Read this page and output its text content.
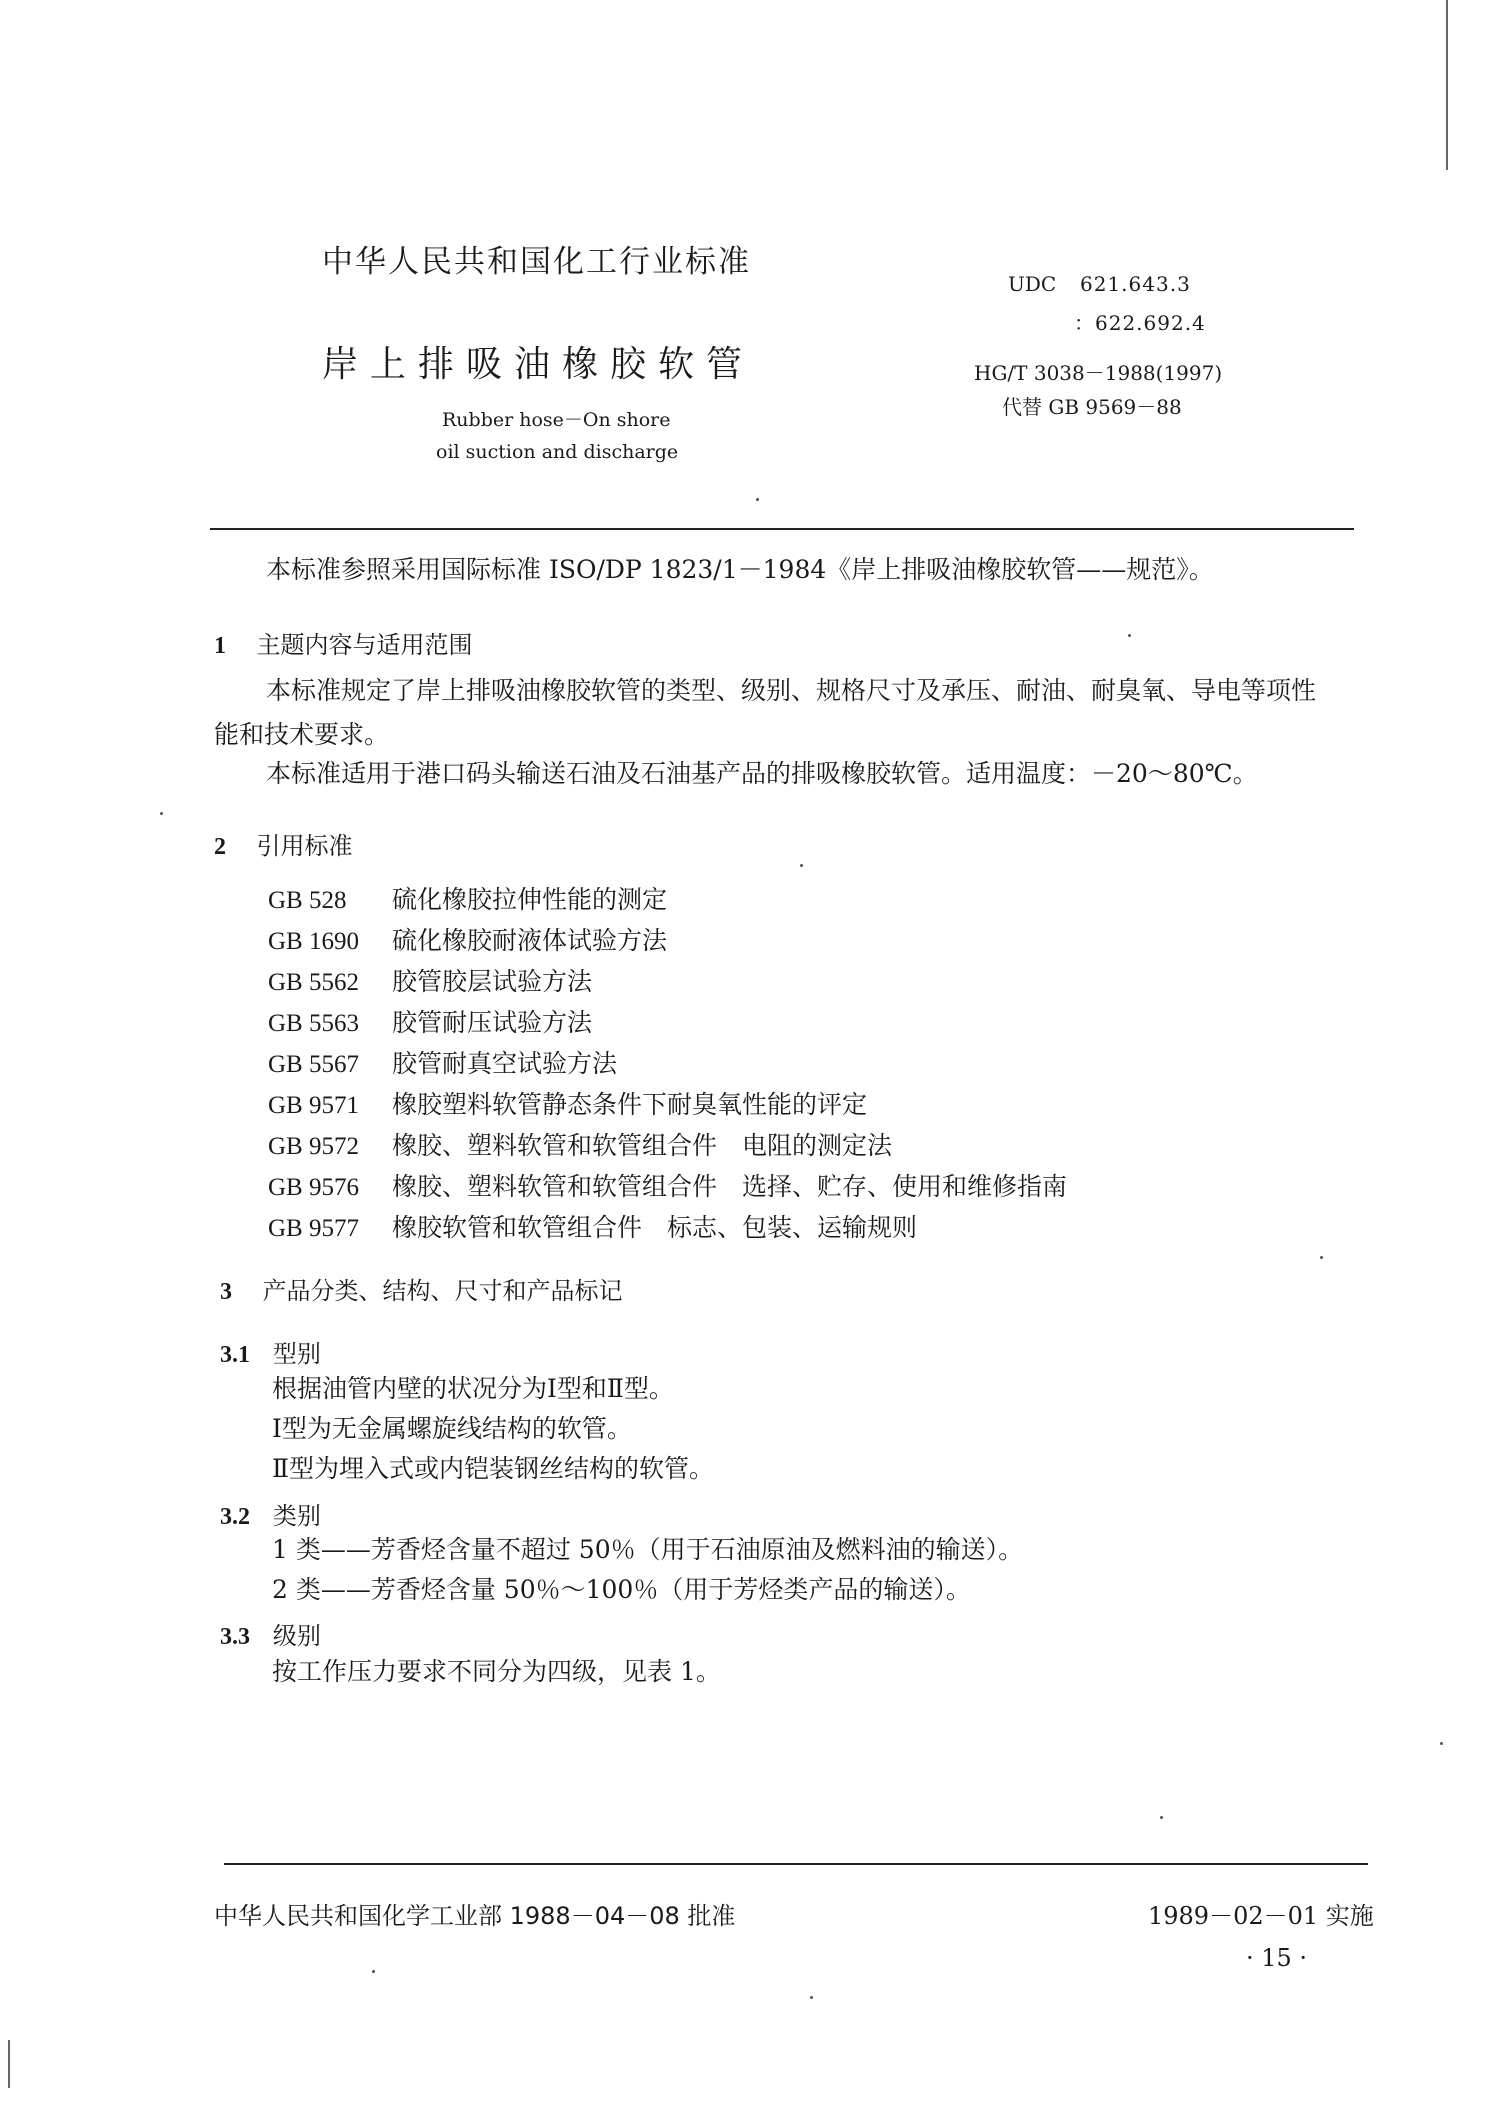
中华人民共和国化工行业标准
岸上排吸油橡胶软管
Rubber hose－On shore
oil suction and discharge
UDC 621.643.3
：622.692.4
HG/T 3038－1988(1997)
代替 GB 9569－88
本标准参照采用国际标准 ISO/DP 1823/1－1984《岸上排吸油橡胶软管——规范》。
1 主题内容与适用范围
本标准规定了岸上排吸油橡胶软管的类型、级别、规格尺寸及承压、耐油、耐臭氧、导电等项性
能和技术要求。
本标准适用于港口码头输送石油及石油基产品的排吸橡胶软管。适用温度：－20～80℃。
2 引用标准
GB 528 硫化橡胶拉伸性能的测定
GB 1690 硫化橡胶耐液体试验方法
GB 5562 胶管胶层试验方法
GB 5563 胶管耐压试验方法
GB 5567 胶管耐真空试验方法
GB 9571 橡胶塑料软管静态条件下耐臭氧性能的评定
GB 9572 橡胶、塑料软管和软管组合件　电阻的测定法
GB 9576 橡胶、塑料软管和软管组合件　选择、贮存、使用和维修指南
GB 9577 橡胶软管和软管组合件　标志、包装、运输规则
3 产品分类、结构、尺寸和产品标记
3.1 型别
根据油管内壁的状况分为Ⅰ型和Ⅱ型。
Ⅰ型为无金属螺旋线结构的软管。
Ⅱ型为埋入式或内铠装钢丝结构的软管。
3.2 类别
1 类——芳香烃含量不超过 50％（用于石油原油及燃料油的输送）。
2 类——芳香烃含量 50％～100％（用于芳烃类产品的输送）。
3.3 级别
按工作压力要求不同分为四级，见表 1。
中华人民共和国化学工业部 1988－04－08 批准	1989－02－01 实施
· 15 ·
